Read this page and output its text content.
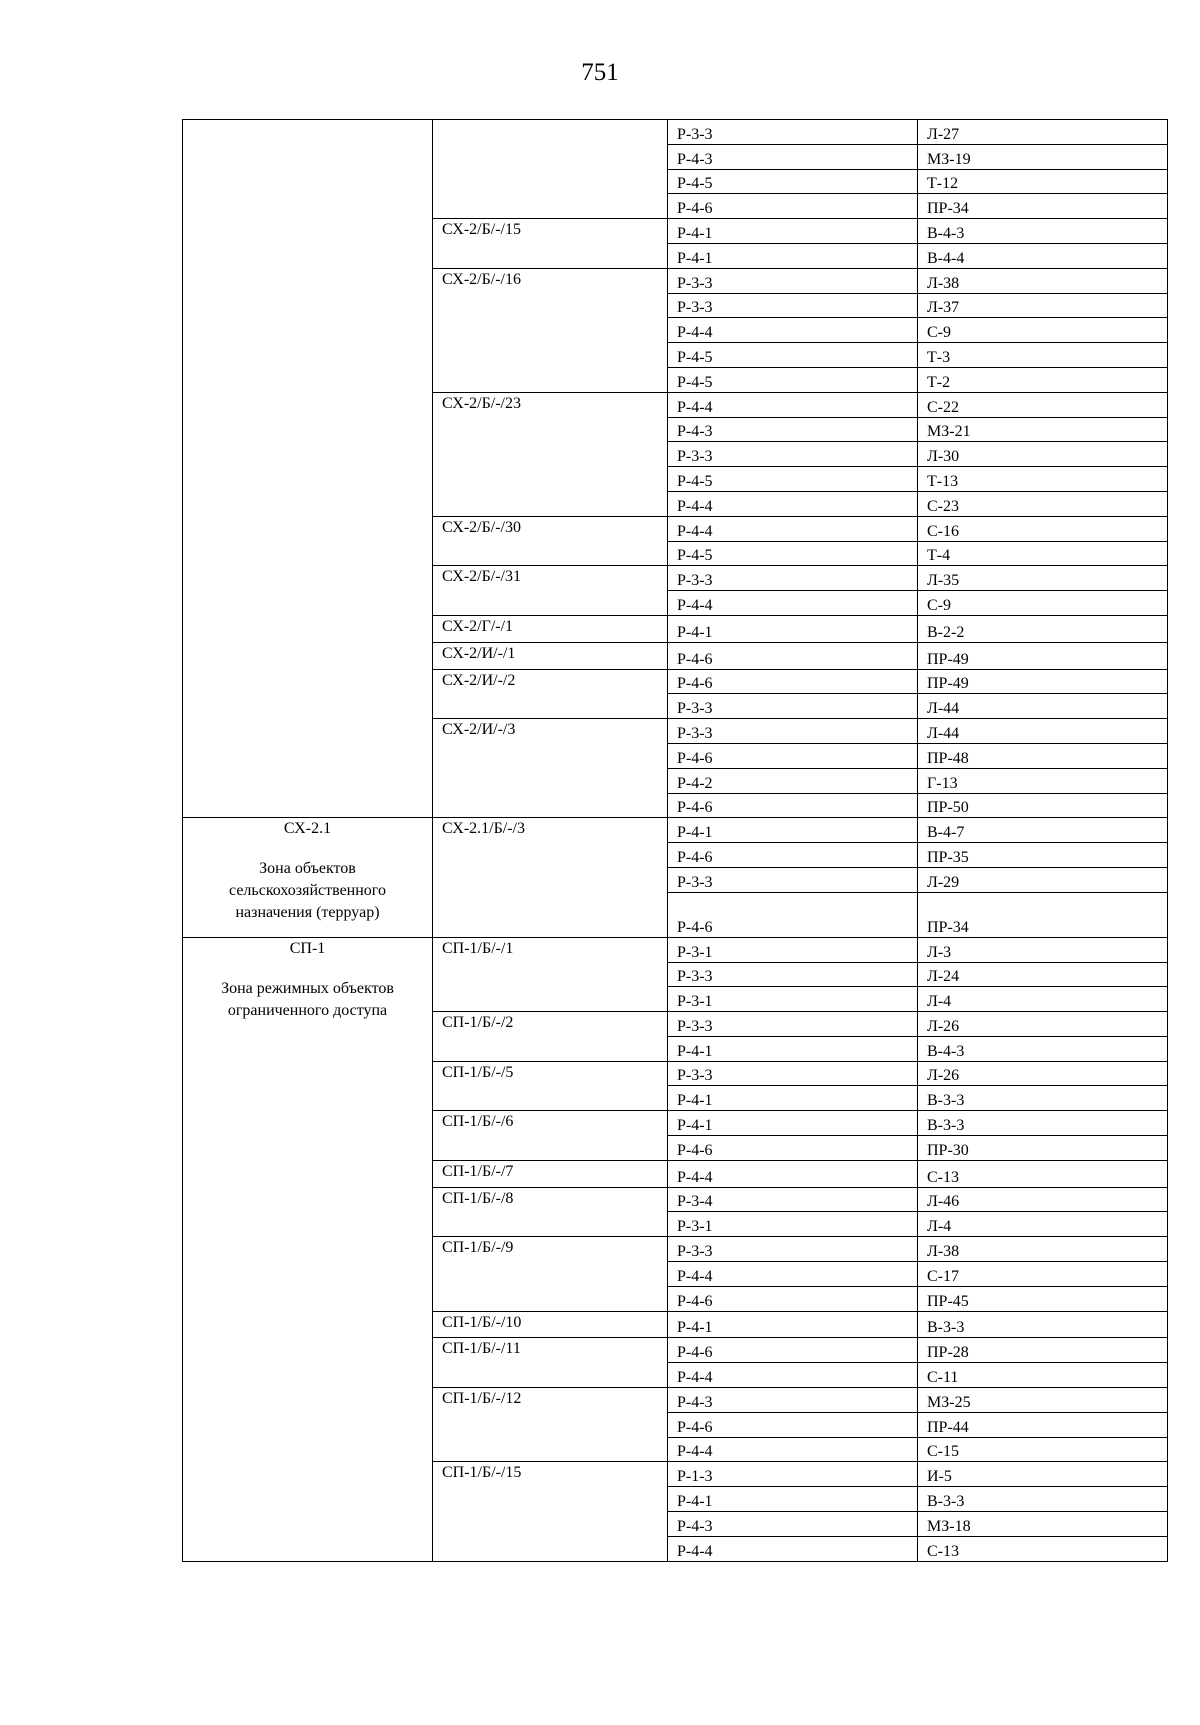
751
		Р-3-3	Л-27
		Р-4-3	МЗ-19
		Р-4-5	Т-12
		Р-4-6	ПР-34
	СХ-2/Б/-/15	Р-4-1	В-4-3
		Р-4-1	В-4-4
	СХ-2/Б/-/16	Р-3-3	Л-38
		Р-3-3	Л-37
		Р-4-4	С-9
		Р-4-5	Т-3
		Р-4-5	Т-2
	СХ-2/Б/-/23	Р-4-4	С-22
		Р-4-3	МЗ-21
		Р-3-3	Л-30
		Р-4-5	Т-13
		Р-4-4	С-23
	СХ-2/Б/-/30	Р-4-4	С-16
		Р-4-5	Т-4
	СХ-2/Б/-/31	Р-3-3	Л-35
		Р-4-4	С-9
	СХ-2/Г/-/1	Р-4-1	В-2-2
	СХ-2/И/-/1	Р-4-6	ПР-49
	СХ-2/И/-/2	Р-4-6	ПР-49
		Р-3-3	Л-44
	СХ-2/И/-/3	Р-3-3	Л-44
		Р-4-6	ПР-48
		Р-4-2	Г-13
		Р-4-6	ПР-50

СХ-2.1
Зона объектов сельскохозяйственного назначения (терруар)	СХ-2.1/Б/-/3	Р-4-1	В-4-7
		Р-4-6	ПР-35
		Р-3-3	Л-29
		Р-4-6	ПР-34

СП-1
Зона режимных объектов ограниченного доступа	СП-1/Б/-/1	Р-3-1	Л-3
		Р-3-3	Л-24
		Р-3-1	Л-4
	СП-1/Б/-/2	Р-3-3	Л-26
		Р-4-1	В-4-3
	СП-1/Б/-/5	Р-3-3	Л-26
		Р-4-1	В-3-3
	СП-1/Б/-/6	Р-4-1	В-3-3
		Р-4-6	ПР-30
	СП-1/Б/-/7	Р-4-4	С-13
	СП-1/Б/-/8	Р-3-4	Л-46
		Р-3-1	Л-4
	СП-1/Б/-/9	Р-3-3	Л-38
		Р-4-4	С-17
		Р-4-6	ПР-45
	СП-1/Б/-/10	Р-4-1	В-3-3
	СП-1/Б/-/11	Р-4-6	ПР-28
		Р-4-4	С-11
	СП-1/Б/-/12	Р-4-3	МЗ-25
		Р-4-6	ПР-44
		Р-4-4	С-15
	СП-1/Б/-/15	Р-1-3	И-5
		Р-4-1	В-3-3
		Р-4-3	МЗ-18
		Р-4-4	С-13
